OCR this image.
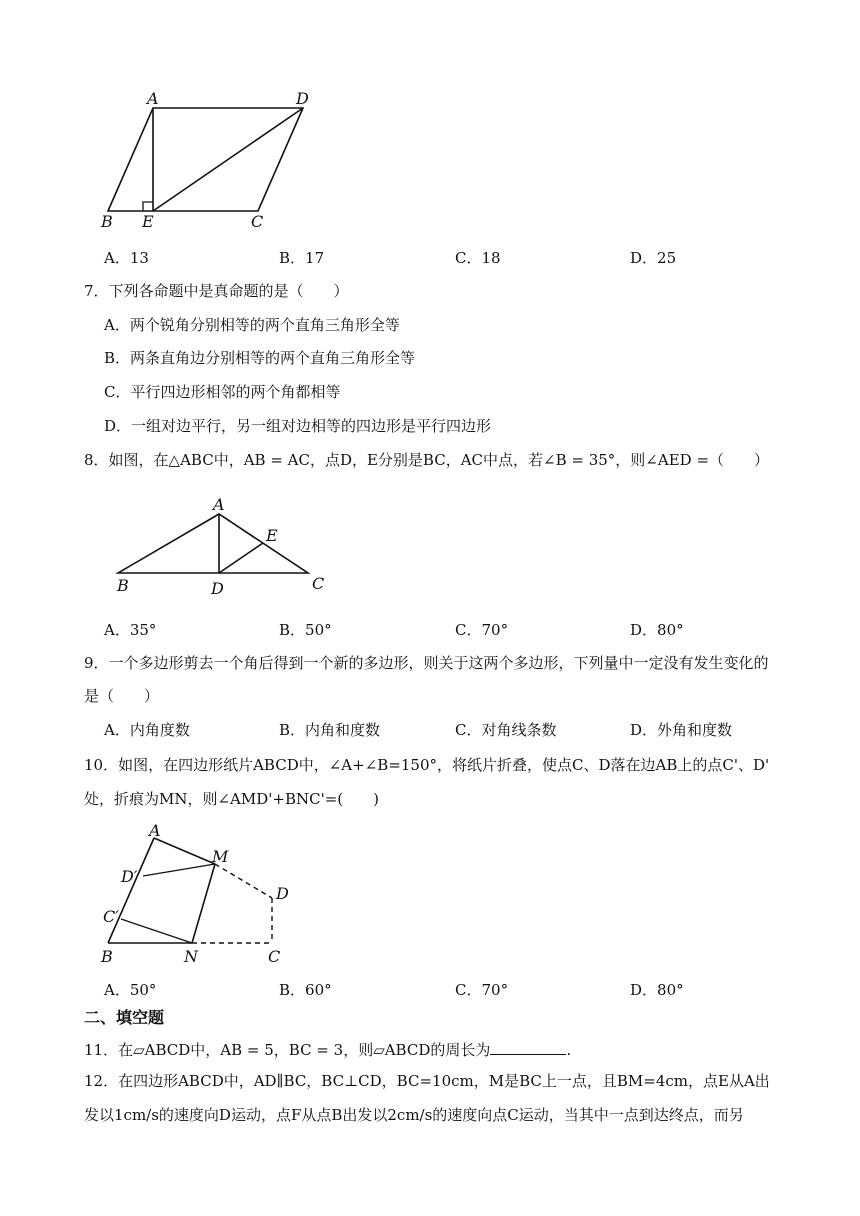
A	D
B E	C
A．13	B．17	C．18	D．25
7．下列各命题中是真命题的是（　　）
A．两个锐角分别相等的两个直角三角形全等
B．两条直角边分别相等的两个直角三角形全等
C．平行四边形相邻的两个角都相等
D．一组对边平行，另一组对边相等的四边形是平行四边形
8．如图，在△ABC中，AB = AC，点D，E分别是BC，AC中点，若∠B = 35°，则∠AED =（　　）
A
E
B	D	C
A．35°	B．50°	C．70°	D．80°
9．一个多边形剪去一个角后得到一个新的多边形，则关于这两个多边形，下列量中一定没有发生变化的
是（　　）
A．内角度数	B．内角和度数	C．对角线条数	D．外角和度数
10．如图，在四边形纸片ABCD中，∠A+∠B=150°，将纸片折叠，使点C、D落在边AB上的点C'、D'
处，折痕为MN，则∠AMD'+BNC'=(　　)
A
M
D′
D
C′
B	N	C
A．50°	B．60°	C．70°	D．80°
二、填空题
11．在▱ABCD中，AB = 5，BC = 3，则▱ABCD的周长为	.
12．在四边形ABCD中，AD∥BC，BC⊥CD，BC=10cm，M是BC上一点，且BM=4cm，点E从A出
发以1cm/s的速度向D运动，点F从点B出发以2cm/s的速度向点C运动，当其中一点到达终点，而另
